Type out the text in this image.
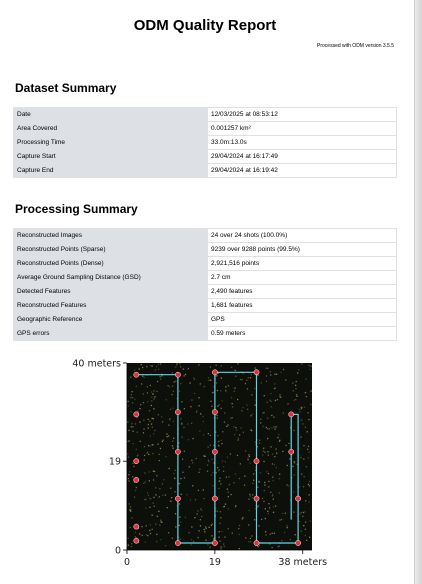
ODM Quality Report
Processed with ODM version 3.5.5
Dataset Summary
Date	12/03/2025 at 08:53:12
Area Covered	0.001257 km²
Processing Time	33.0m:13.0s
Capture Start	29/04/2024 at 16:17:49
Capture End	29/04/2024 at 16:19:42
Processing Summary
Reconstructed Images	24 over 24 shots (100.0%)
Reconstructed Points (Sparse)	9239 over 9288 points (99.5%)
Reconstructed Points (Dense)	2,921,516 points
Average Ground Sampling Distance (GSD)	2.7 cm
Detected Features	2,490 features
Reconstructed Features	1,681 features
Geographic Reference	GPS
GPS errors	0.59 meters
0	19	38 meters
0
19
40 meters
